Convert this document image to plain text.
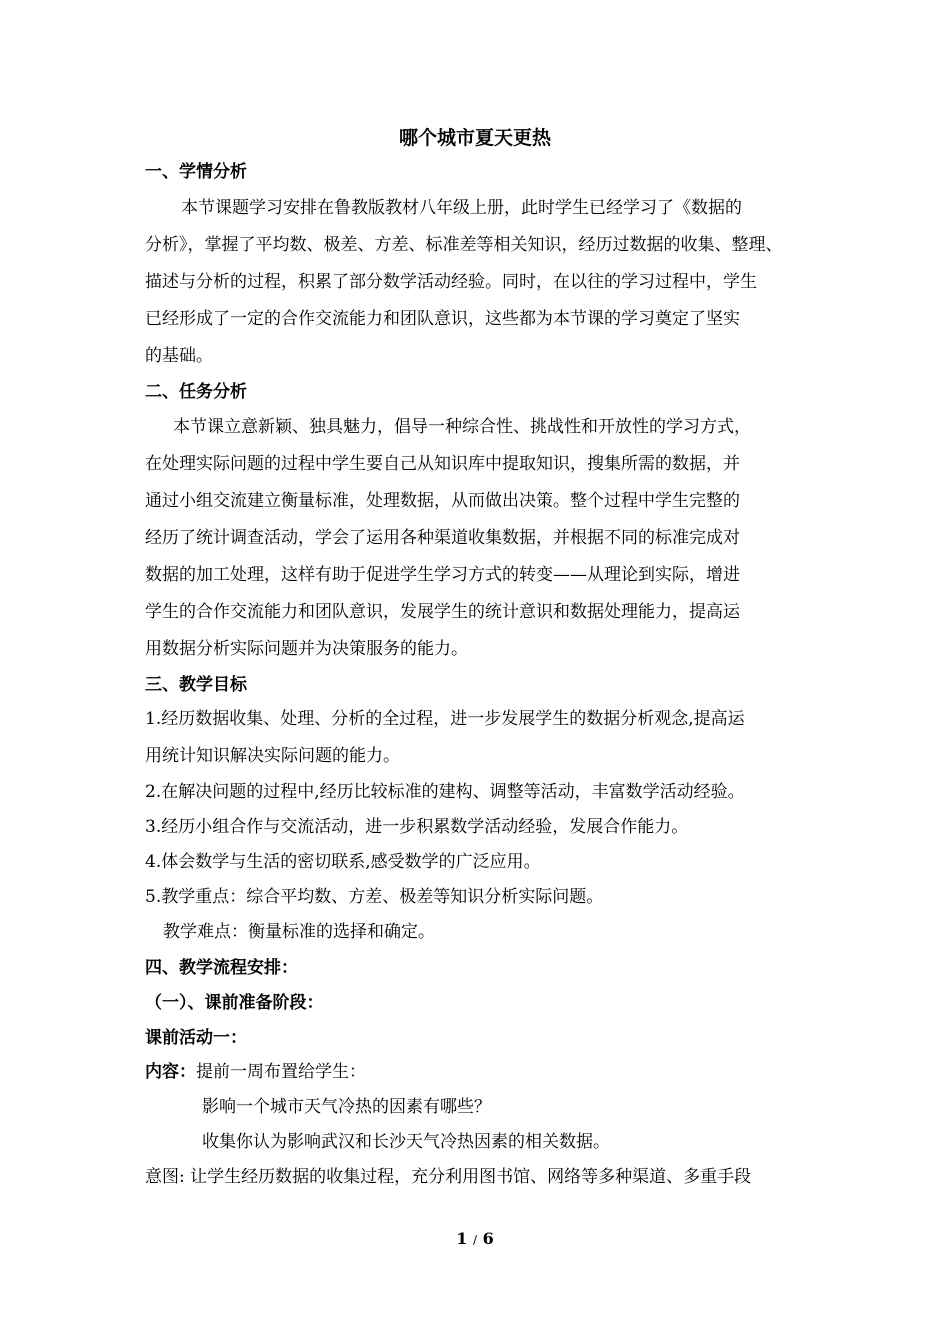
哪个城市夏天更热
一、学情分析
本节课题学习安排在鲁教版教材八年级上册，此时学生已经学习了《数据的
分析》，掌握了平均数、极差、方差、标准差等相关知识，经历过数据的收集、整理、
描述与分析的过程，积累了部分数学活动经验。同时，在以往的学习过程中，学生
已经形成了一定的合作交流能力和团队意识，这些都为本节课的学习奠定了坚实
的基础。
二、任务分析
本节课立意新颖、独具魅力，倡导一种综合性、挑战性和开放性的学习方式，
在处理实际问题的过程中学生要自己从知识库中提取知识，搜集所需的数据，并
通过小组交流建立衡量标准，处理数据，从而做出决策。整个过程中学生完整的
经历了统计调查活动，学会了运用各种渠道收集数据，并根据不同的标准完成对
数据的加工处理，这样有助于促进学生学习方式的转变——从理论到实际，增进
学生的合作交流能力和团队意识，发展学生的统计意识和数据处理能力，提高运
用数据分析实际问题并为决策服务的能力。
三、教学目标
1.经历数据收集、处理、分析的全过程，进一步发展学生的数据分析观念,提高运
用统计知识解决实际问题的能力。
2.在解决问题的过程中,经历比较标准的建构、调整等活动，丰富数学活动经验。
3.经历小组合作与交流活动，进一步积累数学活动经验，发展合作能力。
4.体会数学与生活的密切联系,感受数学的广泛应用。
5.教学重点：综合平均数、方差、极差等知识分析实际问题。
教学难点：衡量标准的选择和确定。
四、教学流程安排：
（一）、课前准备阶段：
课前活动一：
内容：提前一周布置给学生：
影响一个城市天气冷热的因素有哪些？
收集你认为影响武汉和长沙天气冷热因素的相关数据。
意图: 让学生经历数据的收集过程，充分利用图书馆、网络等多种渠道、多重手段
1 / 6
